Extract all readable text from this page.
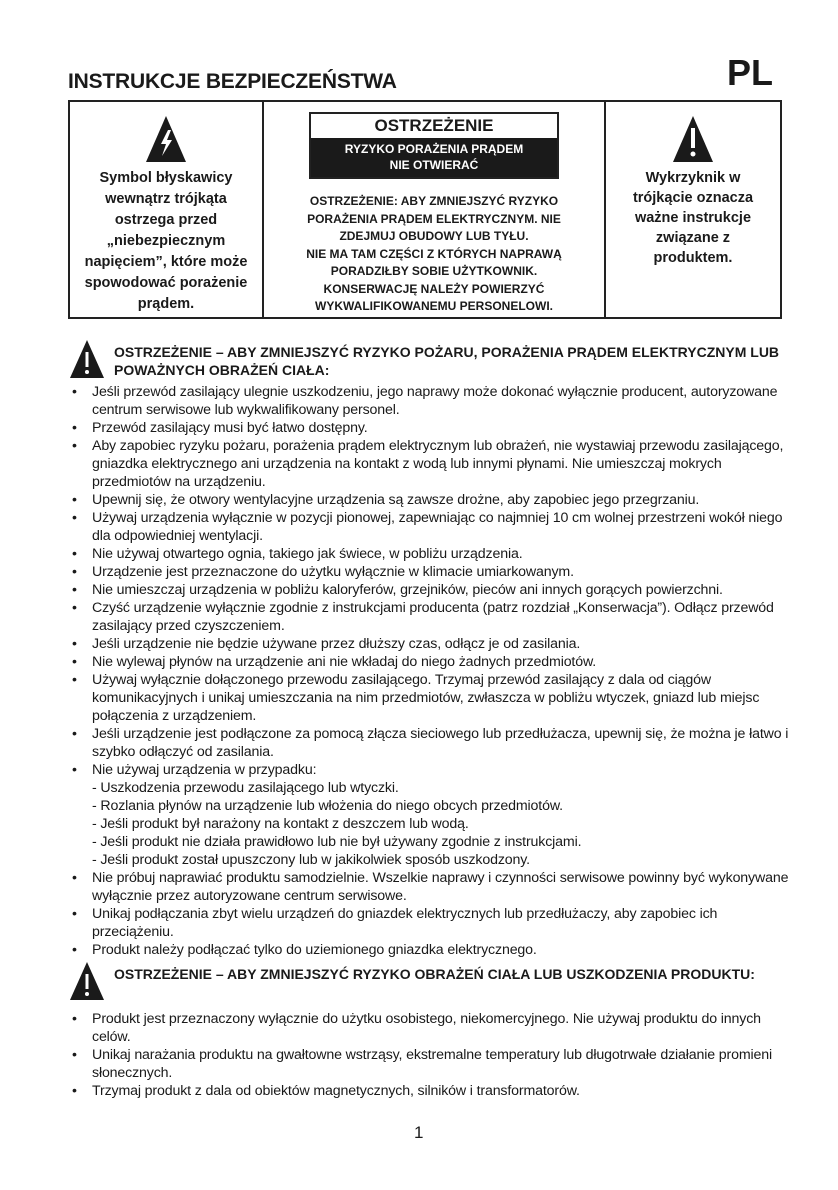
INSTRUKCJE BEZPIECZEŃSTWA	PL
Symbol błyskawicy wewnątrz trójkąta ostrzega przed „niebezpiecznym napięciem”, które może spowodować porażenie prądem.
OSTRZEŻENIE
RYZYKO PORAŻENIA PRĄDEM
NIE OTWIERAĆ
OSTRZEŻENIE: ABY ZMNIEJSZYĆ RYZYKO
PORAŻENIA PRĄDEM ELEKTRYCZNYM. NIE
ZDEJMUJ OBUDOWY LUB TYŁU.
NIE MA TAM CZĘŚCI Z KTÓRYCH NAPRAWĄ
PORADZIŁBY SOBIE UŻYTKOWNIK.
KONSERWACJĘ NALEŻY POWIERZYĆ
WYKWALIFIKOWANEMU PERSONELOWI.
Wykrzyknik w trójkącie oznacza ważne instrukcje związane z produktem.
OSTRZEŻENIE – ABY ZMNIEJSZYĆ RYZYKO POŻARU, PORAŻENIA PRĄDEM ELEKTRYCZNYM LUB POWAŻNYCH OBRAŻEŃ CIAŁA:
• Jeśli przewód zasilający ulegnie uszkodzeniu, jego naprawy może dokonać wyłącznie producent, autoryzowane centrum serwisowe lub wykwalifikowany personel.
• Przewód zasilający musi być łatwo dostępny.
• Aby zapobiec ryzyku pożaru, porażenia prądem elektrycznym lub obrażeń, nie wystawiaj przewodu zasilającego, gniazdka elektrycznego ani urządzenia na kontakt z wodą lub innymi płynami. Nie umieszczaj mokrych przedmiotów na urządzeniu.
• Upewnij się, że otwory wentylacyjne urządzenia są zawsze drożne, aby zapobiec jego przegrzaniu.
• Używaj urządzenia wyłącznie w pozycji pionowej, zapewniając co najmniej 10 cm wolnej przestrzeni wokół niego dla odpowiedniej wentylacji.
• Nie używaj otwartego ognia, takiego jak świece, w pobliżu urządzenia.
• Urządzenie jest przeznaczone do użytku wyłącznie w klimacie umiarkowanym.
• Nie umieszczaj urządzenia w pobliżu kaloryferów, grzejników, pieców ani innych gorących powierzchni.
• Czyść urządzenie wyłącznie zgodnie z instrukcjami producenta (patrz rozdział „Konserwacja”). Odłącz przewód zasilający przed czyszczeniem.
• Jeśli urządzenie nie będzie używane przez dłuższy czas, odłącz je od zasilania.
• Nie wylewaj płynów na urządzenie ani nie wkładaj do niego żadnych przedmiotów.
• Używaj wyłącznie dołączonego przewodu zasilającego. Trzymaj przewód zasilający z dala od ciągów komunikacyjnych i unikaj umieszczania na nim przedmiotów, zwłaszcza w pobliżu wtyczek, gniazd lub miejsc połączenia z urządzeniem.
• Jeśli urządzenie jest podłączone za pomocą złącza sieciowego lub przedłużacza, upewnij się, że można je łatwo i szybko odłączyć od zasilania.
• Nie używaj urządzenia w przypadku:
- Uszkodzenia przewodu zasilającego lub wtyczki.
- Rozlania płynów na urządzenie lub włożenia do niego obcych przedmiotów.
- Jeśli produkt był narażony na kontakt z deszczem lub wodą.
- Jeśli produkt nie działa prawidłowo lub nie był używany zgodnie z instrukcjami.
- Jeśli produkt został upuszczony lub w jakikolwiek sposób uszkodzony.
• Nie próbuj naprawiać produktu samodzielnie. Wszelkie naprawy i czynności serwisowe powinny być wykonywane wyłącznie przez autoryzowane centrum serwisowe.
• Unikaj podłączania zbyt wielu urządzeń do gniazdek elektrycznych lub przedłużaczy, aby zapobiec ich przeciążeniu.
• Produkt należy podłączać tylko do uziemionego gniazdka elektrycznego.
OSTRZEŻENIE – ABY ZMNIEJSZYĆ RYZYKO OBRAŻEŃ CIAŁA LUB USZKODZENIA PRODUKTU:
• Produkt jest przeznaczony wyłącznie do użytku osobistego, niekomercyjnego. Nie używaj produktu do innych celów.
• Unikaj narażania produktu na gwałtowne wstrząsy, ekstremalne temperatury lub długotrwałe działanie promieni słonecznych.
• Trzymaj produkt z dala od obiektów magnetycznych, silników i transformatorów.
1
